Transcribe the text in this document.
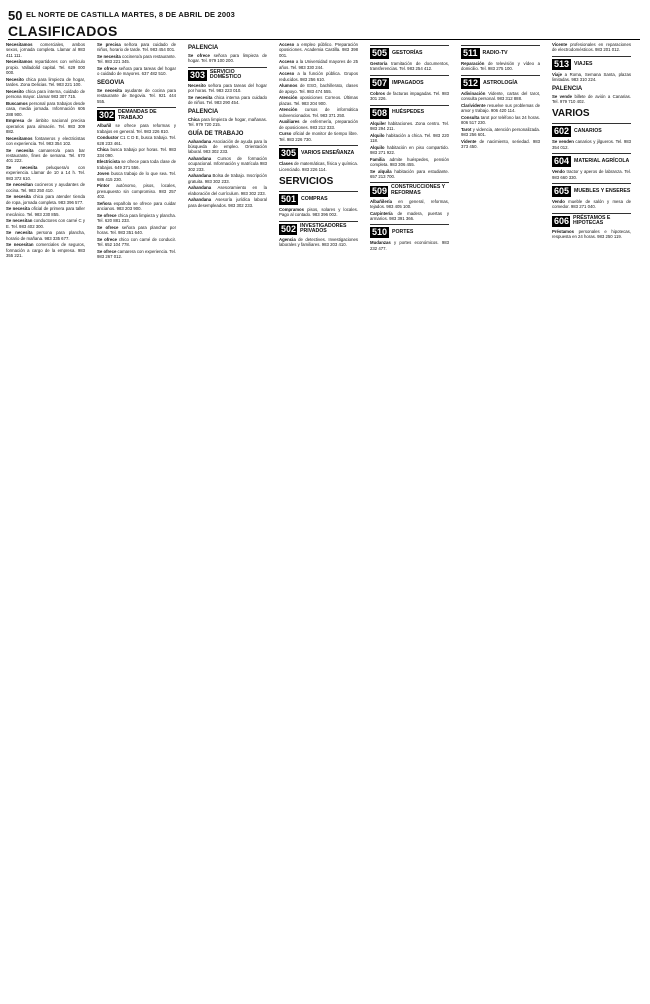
50 EL NORTE DE CASTILLA MARTES, 8 DE ABRIL DE 2003
CLASIFICADOS

Necesitamos comerciales, ambos sexos, jornada completa. Llamar al 983 411 111.

Necesitamos repartidores con vehículo propio. Valladolid capital. Tel. 629 000 000.

Necesito chica para limpieza de hogar, tardes. Zona Delicias. Tel. 983 221 100.

Necesito chica para interna, cuidado de persona mayor. Llamar 983 307 715.

Buscamos personal para trabajos desde casa, media jornada. Información 606 288 900.

Empresa de ámbito nacional precisa operarios para almacén. Tel. 983 309 882.

Necesitamos fontaneros y electricistas con experiencia. Tel. 983 354 102.

Se necesita camarero/a para bar restaurante, fines de semana. Tel. 670 401 222.

Se necesita peluquera/o con experiencia. Llamar de 10 a 14 h. Tel. 983 372 610.

Se necesitan cocineros y ayudantes de cocina. Tel. 983 250 410.

Se necesita chica para atender tienda de ropa, jornada completa. 983 396 577.

Se necesita oficial de primera para taller mecánico. Tel. 983 230 855.

Se necesitan conductores con carné C y E. Tel. 983 402 300.

Se necesita persona para plancha, horario de mañana. 983 335 677.

Se necesitan comerciales de seguros, formación a cargo de la empresa. 983 355 221.

Se precisa señora para cuidado de niños, horario de tarde. Tel. 983 454 001.

Se necesita cocinero/a para restaurante. Tel. 983 221 345.

Se ofrece señora para tareas del hogar o cuidado de mayores. 637 482 510.

SEGOVIA

Se necesita ayudante de cocina para restaurante de Segovia. Tel. 921 444 555.

302 DEMANDAS DE TRABAJO

Albañil se ofrece para reformas y trabajos en general. Tel. 983 226 810.

Conductor C1 C D E, busca trabajo. Tel. 628 233 461.

Chica busca trabajo por horas. Tel. 983 334 090.

Electricista se ofrece para toda clase de trabajos. 649 371 556.

Joven busca trabajo de lo que sea. Tel. 686 415 230.

Pintor autónomo, pisos, locales, presupuesto sin compromiso. 983 257 402.

Señora española se ofrece para cuidar ancianos. 983 203 900.

Se ofrece chica para limpieza y plancha. Tel. 620 881 233.

Se ofrece señora para planchar por horas. Tel. 983 351 640.

Se ofrece chico con carné de conducir. Tel. 652 104 778.

Se ofrece camarera con experiencia. Tel. 983 267 012.

PALENCIA

Se ofrece señora para limpieza de hogar. Tel. 979 100 200.

303 SERVICIO DOMÉSTICO

Necesito señora para tareas del hogar por horas. Tel. 983 223 010.

Se necesita chica interna para cuidado de niños. Tel. 983 290 454.

PALENCIA

Chica para limpieza de hogar, mañanas. Tel. 979 720 215.

GUÍA DE TRABAJO

Aahandana Asociación de ayuda para la búsqueda de empleo. Orientación laboral. 983 302 233.

Aahandana Cursos de formación ocupacional. Información y matrícula 983 302 233.

Aahandana Bolsa de trabajo. Inscripción gratuita. 983 302 233.

Aahandana Asesoramiento en la elaboración del currículum. 983 302 233.

Aahandana Asesoría jurídica laboral para desempleados. 983 302 233.

Acceso a empleo público. Preparación oposiciones. Academia Castilla. 983 398 001.

Acceso a la Universidad mayores de 25 años. Tel. 983 330 244.

Acceso a la función pública. Grupos reducidos. 983 256 610.

Alumnos de ESO, bachillerato, clases de apoyo. Tel. 983 474 555.

Atención oposiciones Correos. Últimas plazas. Tel. 983 204 900.

Atención cursos de informática subvencionados. Tel. 983 371 250.

Auxiliares de enfermería, preparación de oposiciones. 983 212 333.

Curso oficial de monitor de tiempo libre. Tel. 983 226 730.

305 VARIOS ENSEÑANZA

Clases de matemáticas, física y química. Licenciado. 983 226 114.

SERVICIOS
501 COMPRAS

Compramos pisos, solares y locales. Pago al contado. 983 396 002.

502 INVESTIGADORES PRIVADOS

Agencia de detectives. Investigaciones laborales y familiares. 983 203 410.

505 GESTORÍAS

Gestoría tramitación de documentos, transferencias. Tel. 983 254 412.

507 IMPAGADOS

Cobros de facturas impagadas. Tel. 983 301 226.

508 HUÉSPEDES

Alquiler habitaciones. Zona centro. Tel. 983 294 211.

Alquilo habitación a chica. Tel. 983 220 118.

Alquilo habitación en piso compartido. 983 271 922.

Familia admite huéspedes, pensión completa. 983 306 455.

Se alquila habitación para estudiante. 657 213 700.

509 CONSTRUCCIONES Y REFORMAS

Albañilería en general, reformas, tejados. 983 405 100.

Carpintería de madera, puertas y armarios. 983 391 366.

510 PORTES

Mudanzas y portes económicos. 983 232 477.

511 RADIO-TV

Reparación de televisión y vídeo a domicilio. Tel. 983 275 100.

512 ASTROLOGÍA

Adivinación Vidente, cartas del tarot, consulta personal. 983 312 888.

Clarividente resuelve sus problemas de amor y trabajo. 906 420 114.

Consulta tarot por teléfono las 24 horas. 806 517 230.

Tarot y videncia, atención personalizada. 983 256 601.

Vidente de nacimiento, seriedad. 983 373 450.

Vicente profesionales en reparaciones de electrodomésticos. 983 201 012.

513 VIAJES

Viaje a Roma, Semana Santa, plazas limitadas. 983 310 224.

PALENCIA

Se vende billete de avión a Canarias. Tel. 979 710 402.

VARIOS
602 CANARIOS

Se venden canarios y jilgueros. Tel. 983 354 012.

604 MATERIAL AGRÍCOLA

Vendo tractor y aperos de labranza. Tel. 983 660 330.

605 MUEBLES Y ENSERES

Vendo mueble de salón y mesa de comedor. 983 271 040.

606 PRÉSTAMOS E HIPOTECAS

Préstamos personales e hipotecas, respuesta en 24 horas. 983 250 119.
